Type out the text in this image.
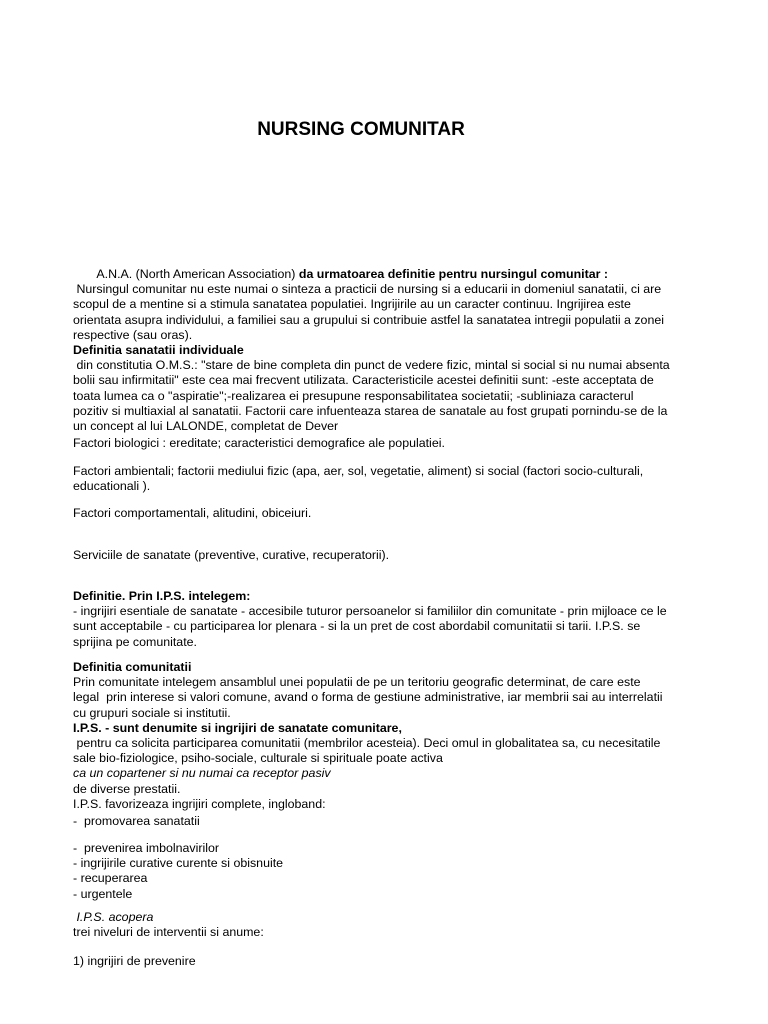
NURSING COMUNITAR
A.N.A. (North American Association) da urmatoarea definitie pentru nursingul comunitar :
Nursingul comunitar nu este numai o sinteza a practicii de nursing si a educarii in domeniul sanatatii, ci are
scopul de a mentine si a stimula sanatatea populatiei. Ingrijirile au un caracter continuu. Ingrijirea este
orientata asupra individului, a familiei sau a grupului si contribuie astfel la sanatatea intregii populatii a zonei
respective (sau oras).
Definitia sanatatii individuale
din constitutia O.M.S.: "stare de bine completa din punct de vedere fizic, mintal si social si nu numai absenta
bolii sau infirmitatii" este cea mai frecvent utilizata. Caracteristicile acestei definitii sunt: -este acceptata de
toata lumea ca o "aspiratie";-realizarea ei presupune responsabilitatea societatii; -subliniaza caracterul
pozitiv si multiaxial al sanatatii. Factorii care infuenteaza starea de sanatale au fost grupati pornindu-se de la
un concept al lui LALONDE, completat de Dever
Factori biologici : ereditate; caracteristici demografice ale populatiei.
Factori ambientali; factorii mediului fizic (apa, aer, sol, vegetatie, aliment) si social (factori socio-culturali,
educationali ).
Factori comportamentali, alitudini, obiceiuri.
Serviciile de sanatate (preventive, curative, recuperatorii).
Definitie. Prin I.P.S. intelegem:
- ingrijiri esentiale de sanatate - accesibile tuturor persoanelor si familiilor din comunitate - prin mijloace ce le
sunt acceptabile - cu participarea lor plenara - si la un pret de cost abordabil comunitatii si tarii. I.P.S. se
sprijina pe comunitate.
Definitia comunitatii
Prin comunitate intelegem ansamblul unei populatii de pe un teritoriu geografic determinat, de care este
legal  prin interese si valori comune, avand o forma de gestiune administrative, iar membrii sai au interrelatii
cu grupuri sociale si institutii.
I.P.S. - sunt denumite si ingrijiri de sanatate comunitare,
pentru ca solicita participarea comunitatii (membrilor acesteia). Deci omul in globalitatea sa, cu necesitatile
sale bio-fiziologice, psiho-sociale, culturale si spirituale poate activa
ca un copartener si nu numai ca receptor pasiv
de diverse prestatii.
I.P.S. favorizeaza ingrijiri complete, ingloband:
-  promovarea sanatatii
-  prevenirea imbolnavirilor
- ingrijirile curative curente si obisnuite
- recuperarea
- urgentele
I.P.S. acopera
trei niveluri de interventii si anume:
1) ingrijiri de prevenire
